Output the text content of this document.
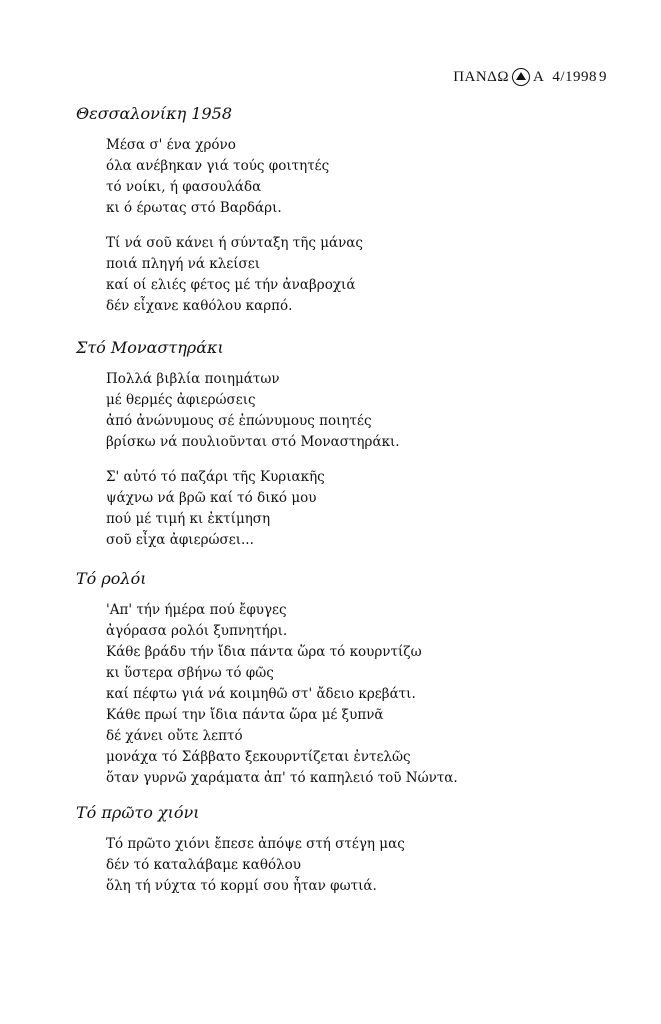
ΠΑΝΔΩ Α 4/1998 9
Θεσσαλονίκη 1958
Μέσα σ' ένα χρόνο
όλα ανέβηκαν γιά τούς φοιτητές
τό νοίκι, ή φασουλάδα
κι ό έρωτας στό Βαρδάρι.
Τί νά σοῦ κάνει ή σύνταξη τῆς μάνας
ποιά πληγή νά κλείσει
καί οί ελιές φέτος μέ τήν ἀναβροχιά
δέν εἶχανε καθόλου καρπό.
Στό Μοναστηράκι
Πολλά βιβλία ποιημάτων
μέ θερμές ἀφιερώσεις
ἀπό ἀνώνυμους σέ ἐπώνυμους ποιητές
βρίσκω νά πουλιοῦνται στό Μοναστηράκι.
Σ' αὐτό τό παζάρι τῆς Κυριακῆς
ψάχνω νά βρῶ καί τό δικό μου
πού μέ τιμή κι ἐκτίμηση
σοῦ εἶχα ἀφιερώσει...
Τό ρολόι
'Απ' τήν ήμέρα πού ἔφυγες
ἀγόρασα ρολόι ξυπνητήρι.
Κάθε βράδυ τήν ἴδια πάντα ὥρα τό κουρντίζω
κι ὕστερα σβήνω τό φῶς
καί πέφτω γιά νά κοιμηθῶ στ' ἄδειο κρεβάτι.
Κάθε πρωί την ἴδια πάντα ὥρα μέ ξυπνᾶ
δέ χάνει οὔτε λεπτό
μονάχα τό Σάββατο ξεκουρντίζεται ἐντελῶς
ὅταν γυρνῶ χαράματα ἀπ' τό καπηλειό τοῦ Νώντα.
Τό πρῶτο χιόνι
Τό πρῶτο χιόνι ἔπεσε ἀπόψε στή στέγη μας
δέν τό καταλάβαμε καθόλου
ὅλη τή νύχτα τό κορμί σου ἦταν φωτιά.
